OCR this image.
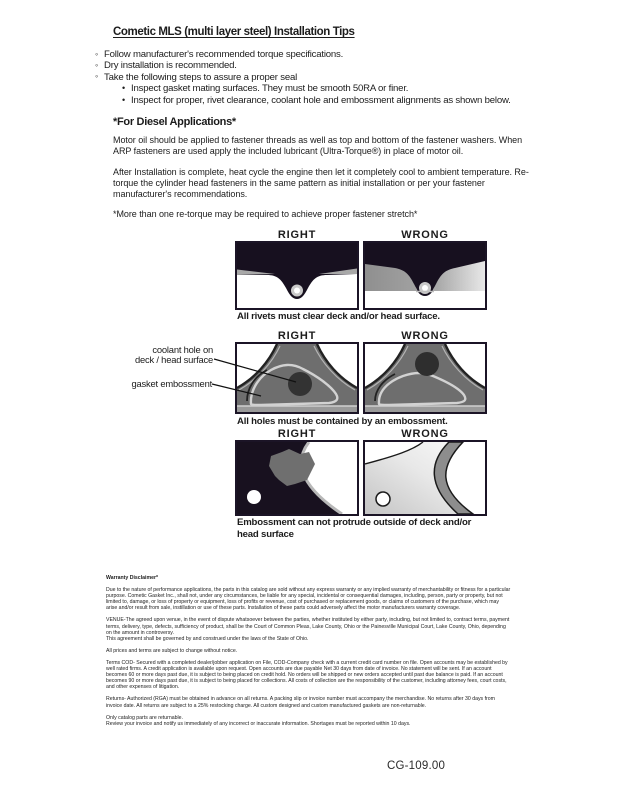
Cometic MLS (multi layer steel) Installation Tips
◦ Follow manufacturer's recommended torque specifications.
◦ Dry installation is recommended.
◦ Take the following steps to assure a proper seal
• Inspect gasket mating surfaces. They must be smooth 50RA or finer.
• Inspect for proper, rivet clearance, coolant hole and embossment alignments as shown below.
*For Diesel Applications*

Motor oil should be applied to fastener threads as well as top and bottom of the fastener washers. When ARP fasteners are used apply the included lubricant (Ultra-Torque®) in place of motor oil.

After Installation is complete, heat cycle the engine then let it completely cool to ambient temperature. Re-torque the cylinder head fasteners in the same pattern as initial installation or per your fastener manufacturer's recommendations.

*More than one re-torque may be required to achieve proper fastener stretch*

RIGHT	WRONG
All rivets must clear deck and/or head surface.
RIGHT	WRONG
coolant hole on
deck / head surface
gasket embossment
All holes must be contained by an embossment.
RIGHT	WRONG
Embossment can not protrude outside of deck and/or head surface
Warranty Disclaimer*

Due to the nature of performance applications, the parts in this catalog are sold without any express warranty or any implied warranty of merchantability or fitness for a particular purpose. Cometic Gasket Inc., shall not, under any circumstances, be liable for any special, incidental or consequential damages, including, person, party or property, but not limited to, damage, or loss of property or equipment, loss of profits or revenue, cost of purchased or replacement goods, or claims of customers of the purchase, which may arise and/or result from sale, instillation or use of these parts. Installation of these parts could adversely affect the motor manufacturers warranty coverage.

VENUE-The agreed upon venue, in the event of dispute whatsoever between the parties, whether instituted by either party, including, but not limited to, contract terms, payment terms, delivery, type, defects, sufficiency of product, shall be the Court of Common Pleas, Lake County, Ohio or the Painesville Municipal Court, Lake County, Ohio, depending on the amount in controversy.

This agreement shall be governed by and construed under the laws of the State of Ohio.

All prices and terms are subject to change without notice.

Terms COD- Secured with a completed dealer/jobber application on File, COD-Company check with a current credit card number on file. Open accounts may be established by well rated firms. A credit application is available upon request. Open accounts are due payable Net 30 days from date of invoice. No statement will be sent. If an account becomes 60 or more days past due, it is subject to being placed on credit hold. No orders will be shipped or new orders accepted until past due balance is paid. If an account becomes 90 or more days past due, it is subject to being placed for collections. All costs of collection are the responsibility of the customer, including attorney fees, court costs, and other expenses of litigation.

Returns- Authorized (RGA) must be obtained in advance on all returns. A packing slip or invoice number must accompany the merchandise. No returns after 30 days from invoice date. All returns are subject to a 25% restocking charge. All custom designed and custom manufactured gaskets are non-returnable.

Only catalog parts are returnable.

Review your invoice and notify us immediately of any incorrect or inaccurate information. Shortages must be reported within 10 days.

CG-109.00
